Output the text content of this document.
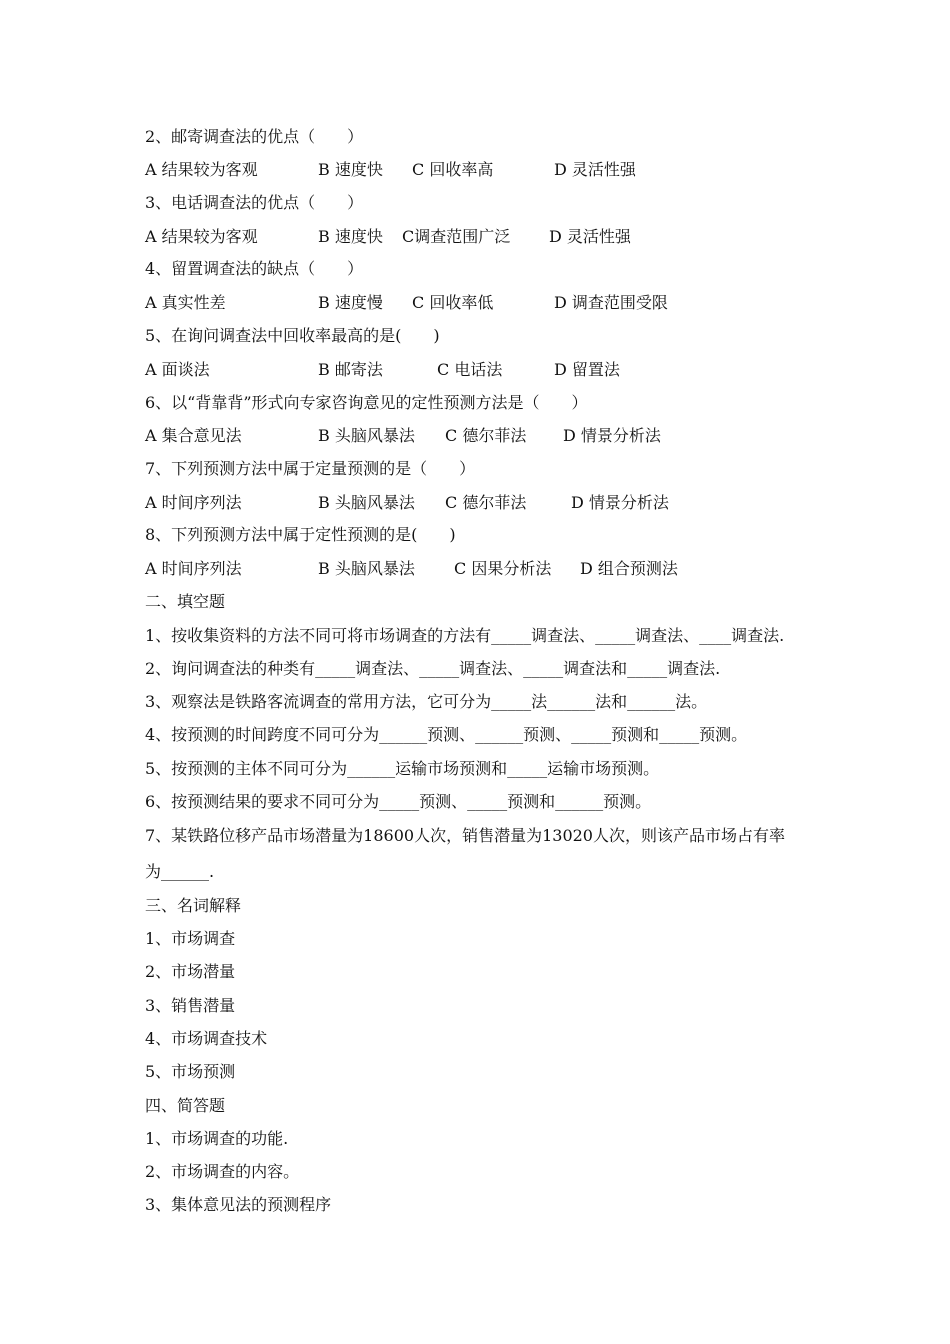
2、邮寄调查法的优点（　　）
A 结果较为客观	B 速度快 C 回收率高	D 灵活性强
3、电话调查法的优点（　　）
A 结果较为客观	B 速度快 C调查范围广泛 D 灵活性强
4、留置调查法的缺点（　　）
A 真实性差	B 速度慢 C 回收率低	D 调查范围受限
5、在询问调查法中回收率最高的是(　　)
A 面谈法	B 邮寄法	C 电话法	D 留置法
6、以“背靠背”形式向专家咨询意见的定性预测方法是（　　）
A 集合意见法	B 头脑风暴法 C 德尔菲法 D 情景分析法
7、下列预测方法中属于定量预测的是（　　）
A 时间序列法	B 头脑风暴法 C 德尔菲法	D 情景分析法
8、下列预测方法中属于定性预测的是(　　)
A 时间序列法	B 头脑风暴法 C 因果分析法 D 组合预测法
二、填空题
1、按收集资料的方法不同可将市场调查的方法有_____调查法、_____调查法、____调查法.
2、询问调查法的种类有_____调查法、_____调查法、_____调查法和_____调查法.
3、观察法是铁路客流调查的常用方法，它可分为_____法______法和______法。
4、按预测的时间跨度不同可分为______预测、______预测、_____预测和_____预测。
5、按预测的主体不同可分为______运输市场预测和_____运输市场预测。
6、按预测结果的要求不同可分为_____预测、_____预测和______预测。
7、某铁路位移产品市场潜量为18600人次，销售潜量为13020人次，则该产品市场占有率
为______.
三、名词解释
1、市场调查
2、市场潜量
3、销售潜量
4、市场调查技术
5、市场预测
四、简答题
1、市场调查的功能.
2、市场调查的内容。
3、集体意见法的预测程序
